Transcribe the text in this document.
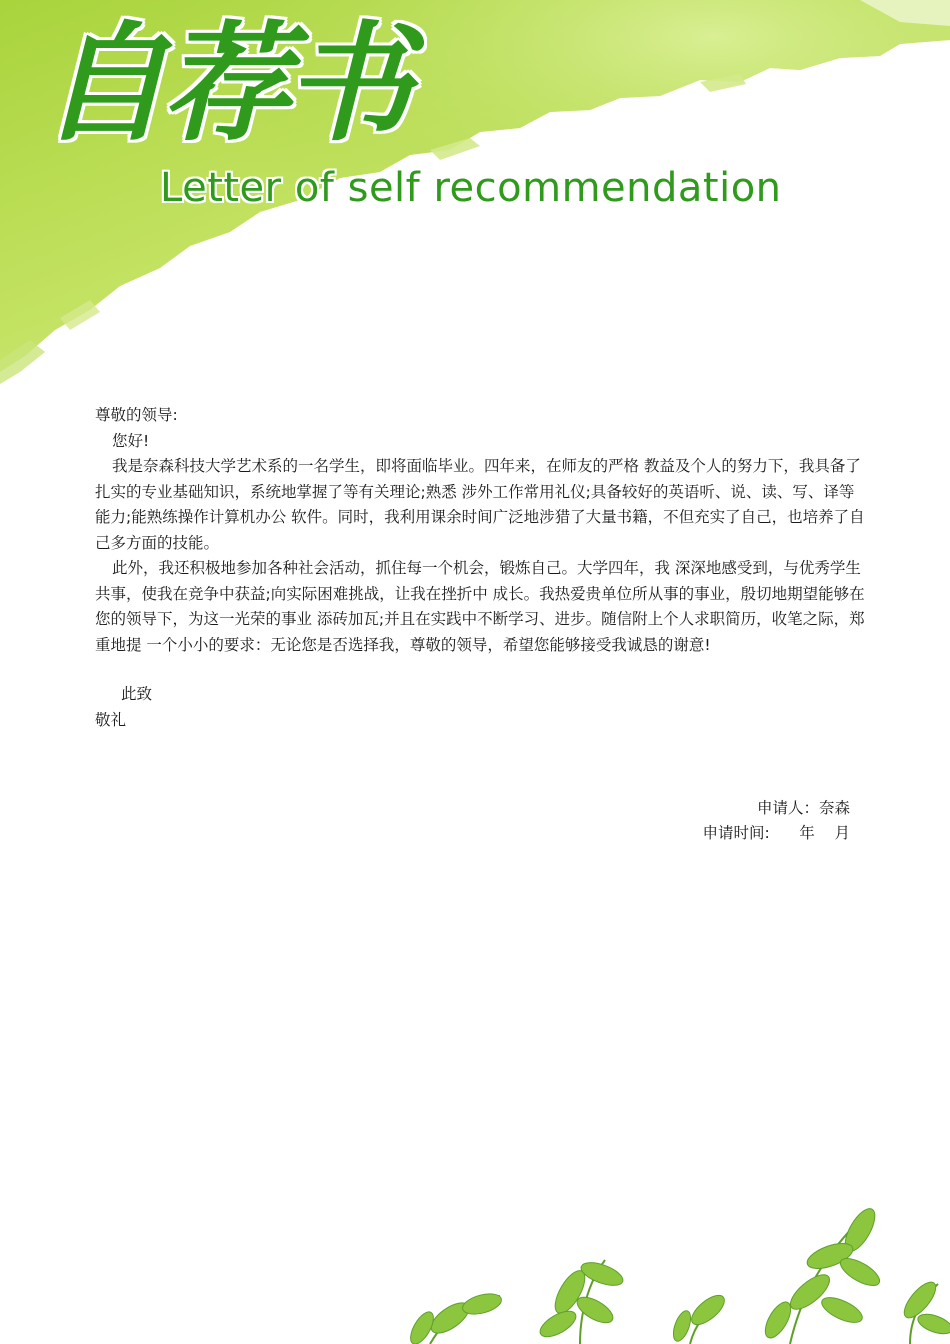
自荐书
Letter of self recommendation

尊敬的领导:

您好!

我是奈森科技大学艺术系的一名学生，即将面临毕业。四年来，在师友的严格 教益及个人的努力下，我具备了扎实的专业基础知识，系统地掌握了等有关理论;熟悉 涉外工作常用礼仪;具备较好的英语听、说、读、写、译等能力;能熟练操作计算机办公 软件。同时，我利用课余时间广泛地涉猎了大量书籍，不但充实了自己，也培养了自 己多方面的技能。

此外，我还积极地参加各种社会活动，抓住每一个机会，锻炼自己。大学四年，我 深深地感受到，与优秀学生共事，使我在竞争中获益;向实际困难挑战，让我在挫折中 成长。我热爱贵单位所从事的事业，殷切地期望能够在您的领导下，为这一光荣的事业 添砖加瓦;并且在实践中不断学习、进步。随信附上个人求职简历，收笔之际，郑重地提 一个小小的要求：无论您是否选择我，尊敬的领导，希望您能够接受我诚恳的谢意!

此致

敬礼

申请人：奈森
申请时间:      年    月
